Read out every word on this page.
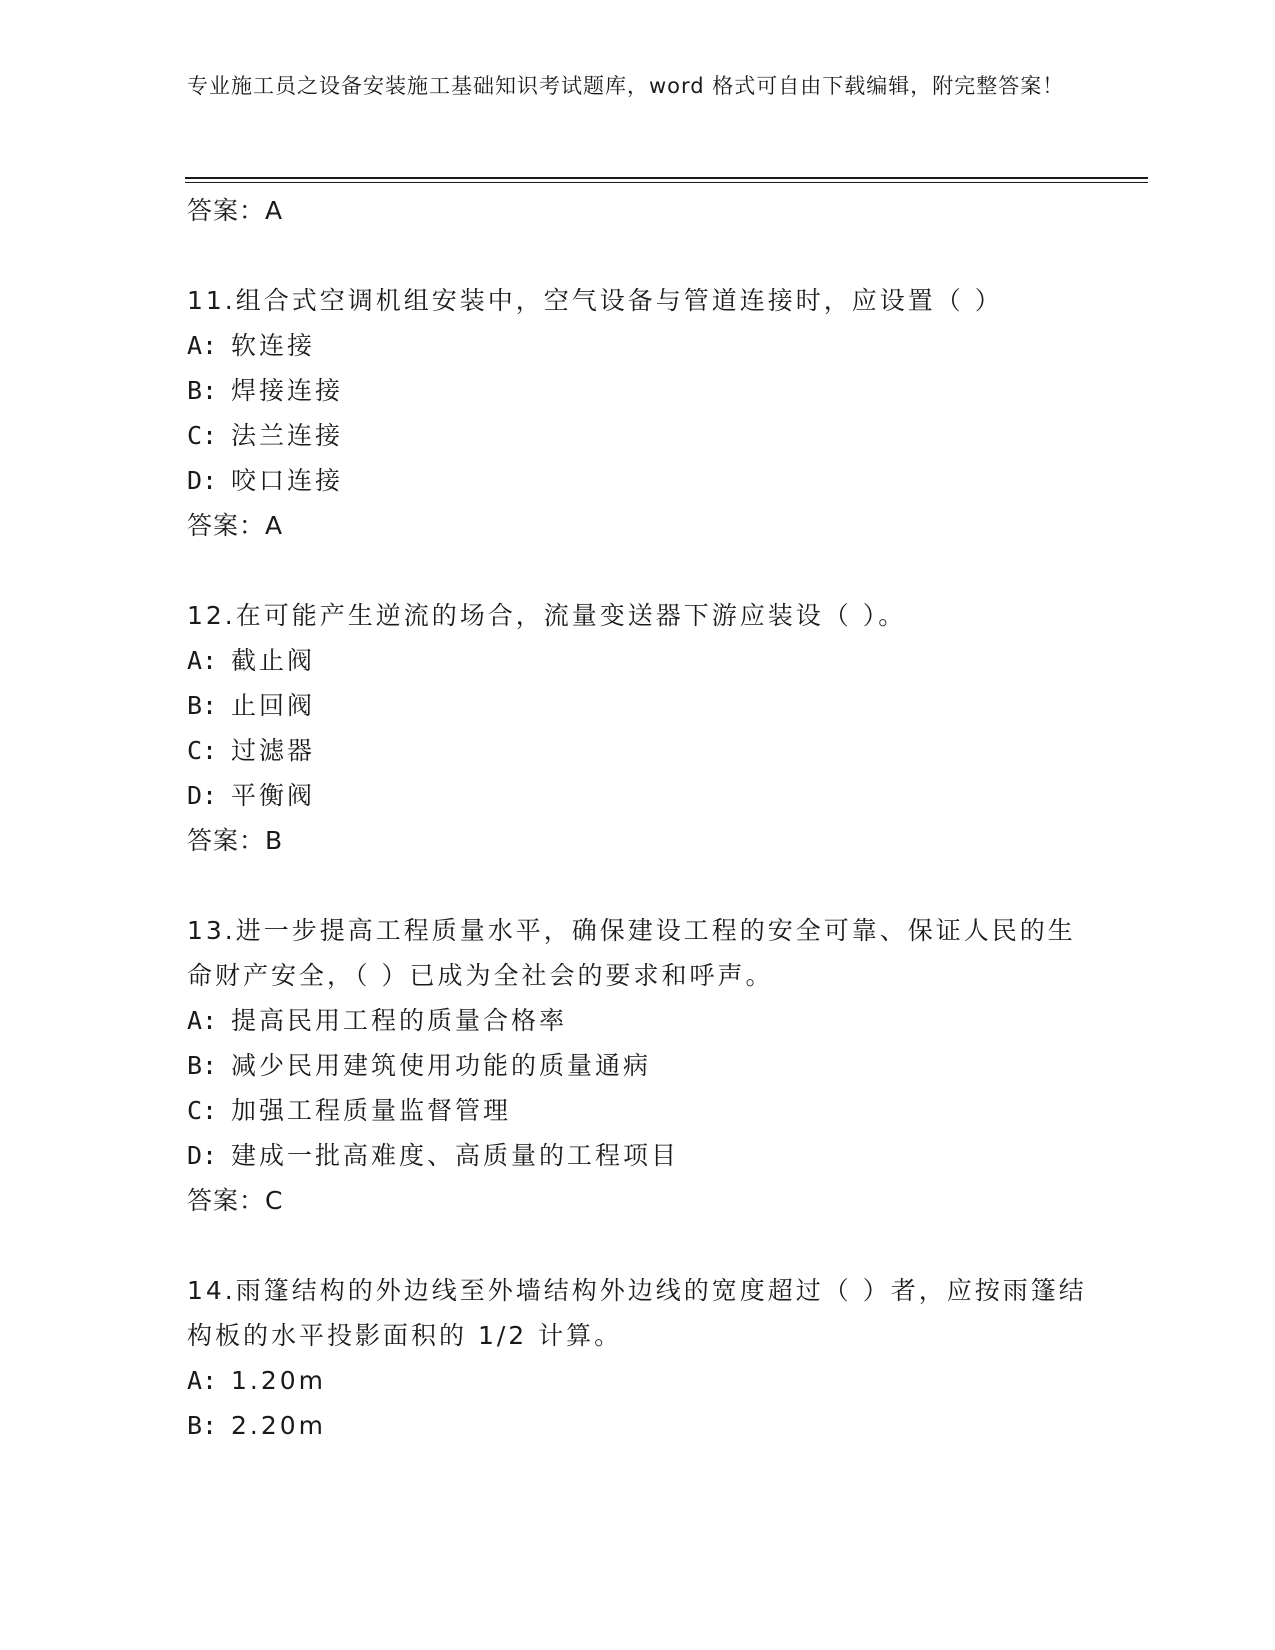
专业施工员之设备安装施工基础知识考试题库，word 格式可自由下载编辑，附完整答案！
答案：A
11.组合式空调机组安装中，空气设备与管道连接时，应设置（ ）
A: 软连接
B: 焊接连接
C: 法兰连接
D: 咬口连接
答案：A
12.在可能产生逆流的场合，流量变送器下游应装设（ ）。
A: 截止阀
B: 止回阀
C: 过滤器
D: 平衡阀
答案：B
13.进一步提高工程质量水平，确保建设工程的安全可靠、保证人民的生命财产安全，（ ）已成为全社会的要求和呼声。
A: 提高民用工程的质量合格率
B: 减少民用建筑使用功能的质量通病
C: 加强工程质量监督管理
D: 建成一批高难度、高质量的工程项目
答案：C
14.雨篷结构的外边线至外墙结构外边线的宽度超过（ ）者，应按雨篷结构板的水平投影面积的 1/2 计算。
A: 1.20m
B: 2.20m
